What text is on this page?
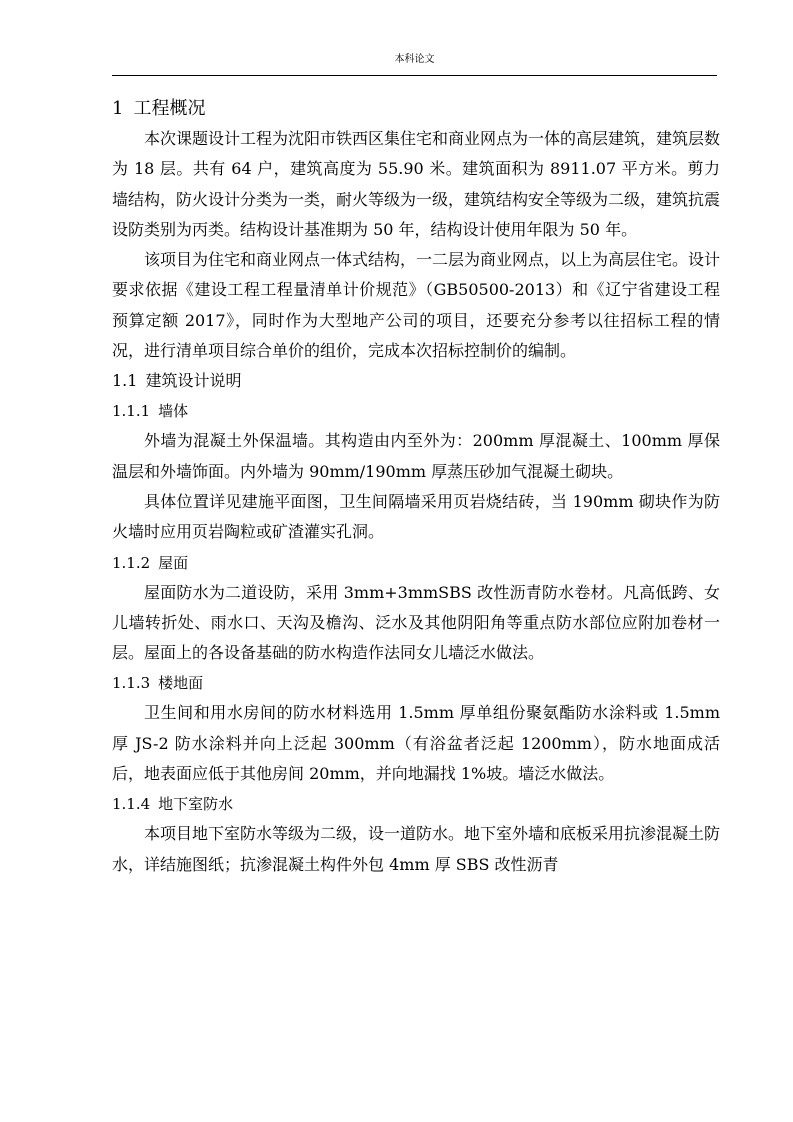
本科论文
1 工程概况

本次课题设计工程为沈阳市铁西区集住宅和商业网点为一体的高层建筑，建筑层数为 18 层。共有 64 户，建筑高度为 55.90 米。建筑面积为 8911.07 平方米。剪力墙结构，防火设计分类为一类，耐火等级为一级，建筑结构安全等级为二级，建筑抗震设防类别为丙类。结构设计基准期为 50 年，结构设计使用年限为 50 年。

该项目为住宅和商业网点一体式结构，一二层为商业网点，以上为高层住宅。设计要求依据《建设工程工程量清单计价规范》（GB50500-2013）和《辽宁省建设工程预算定额 2017》，同时作为大型地产公司的项目，还要充分参考以往招标工程的情况，进行清单项目综合单价的组价，完成本次招标控制价的编制。

1.1 建筑设计说明
1.1.1 墙体

外墙为混凝土外保温墙。其构造由内至外为：200mm 厚混凝土、100mm 厚保温层和外墙饰面。内外墙为 90mm/190mm 厚蒸压砂加气混凝土砌块。

具体位置详见建施平面图，卫生间隔墙采用页岩烧结砖，当 190mm 砌块作为防火墙时应用页岩陶粒或矿渣灌实孔洞。

1.1.2 屋面

屋面防水为二道设防，采用 3mm+3mmSBS 改性沥青防水卷材。凡高低跨、女儿墙转折处、雨水口、天沟及檐沟、泛水及其他阴阳角等重点防水部位应附加卷材一层。屋面上的各设备基础的防水构造作法同女儿墙泛水做法。

1.1.3 楼地面

卫生间和用水房间的防水材料选用 1.5mm 厚单组份聚氨酯防水涂料或 1.5mm 厚 JS-2 防水涂料并向上泛起 300mm（有浴盆者泛起 1200mm），防水地面成活后，地表面应低于其他房间 20mm，并向地漏找 1%坡。墙泛水做法。

1.1.4 地下室防水

本项目地下室防水等级为二级，设一道防水。地下室外墙和底板采用抗渗混凝土防水，详结施图纸；抗渗混凝土构件外包 4mm 厚 SBS 改性沥青
